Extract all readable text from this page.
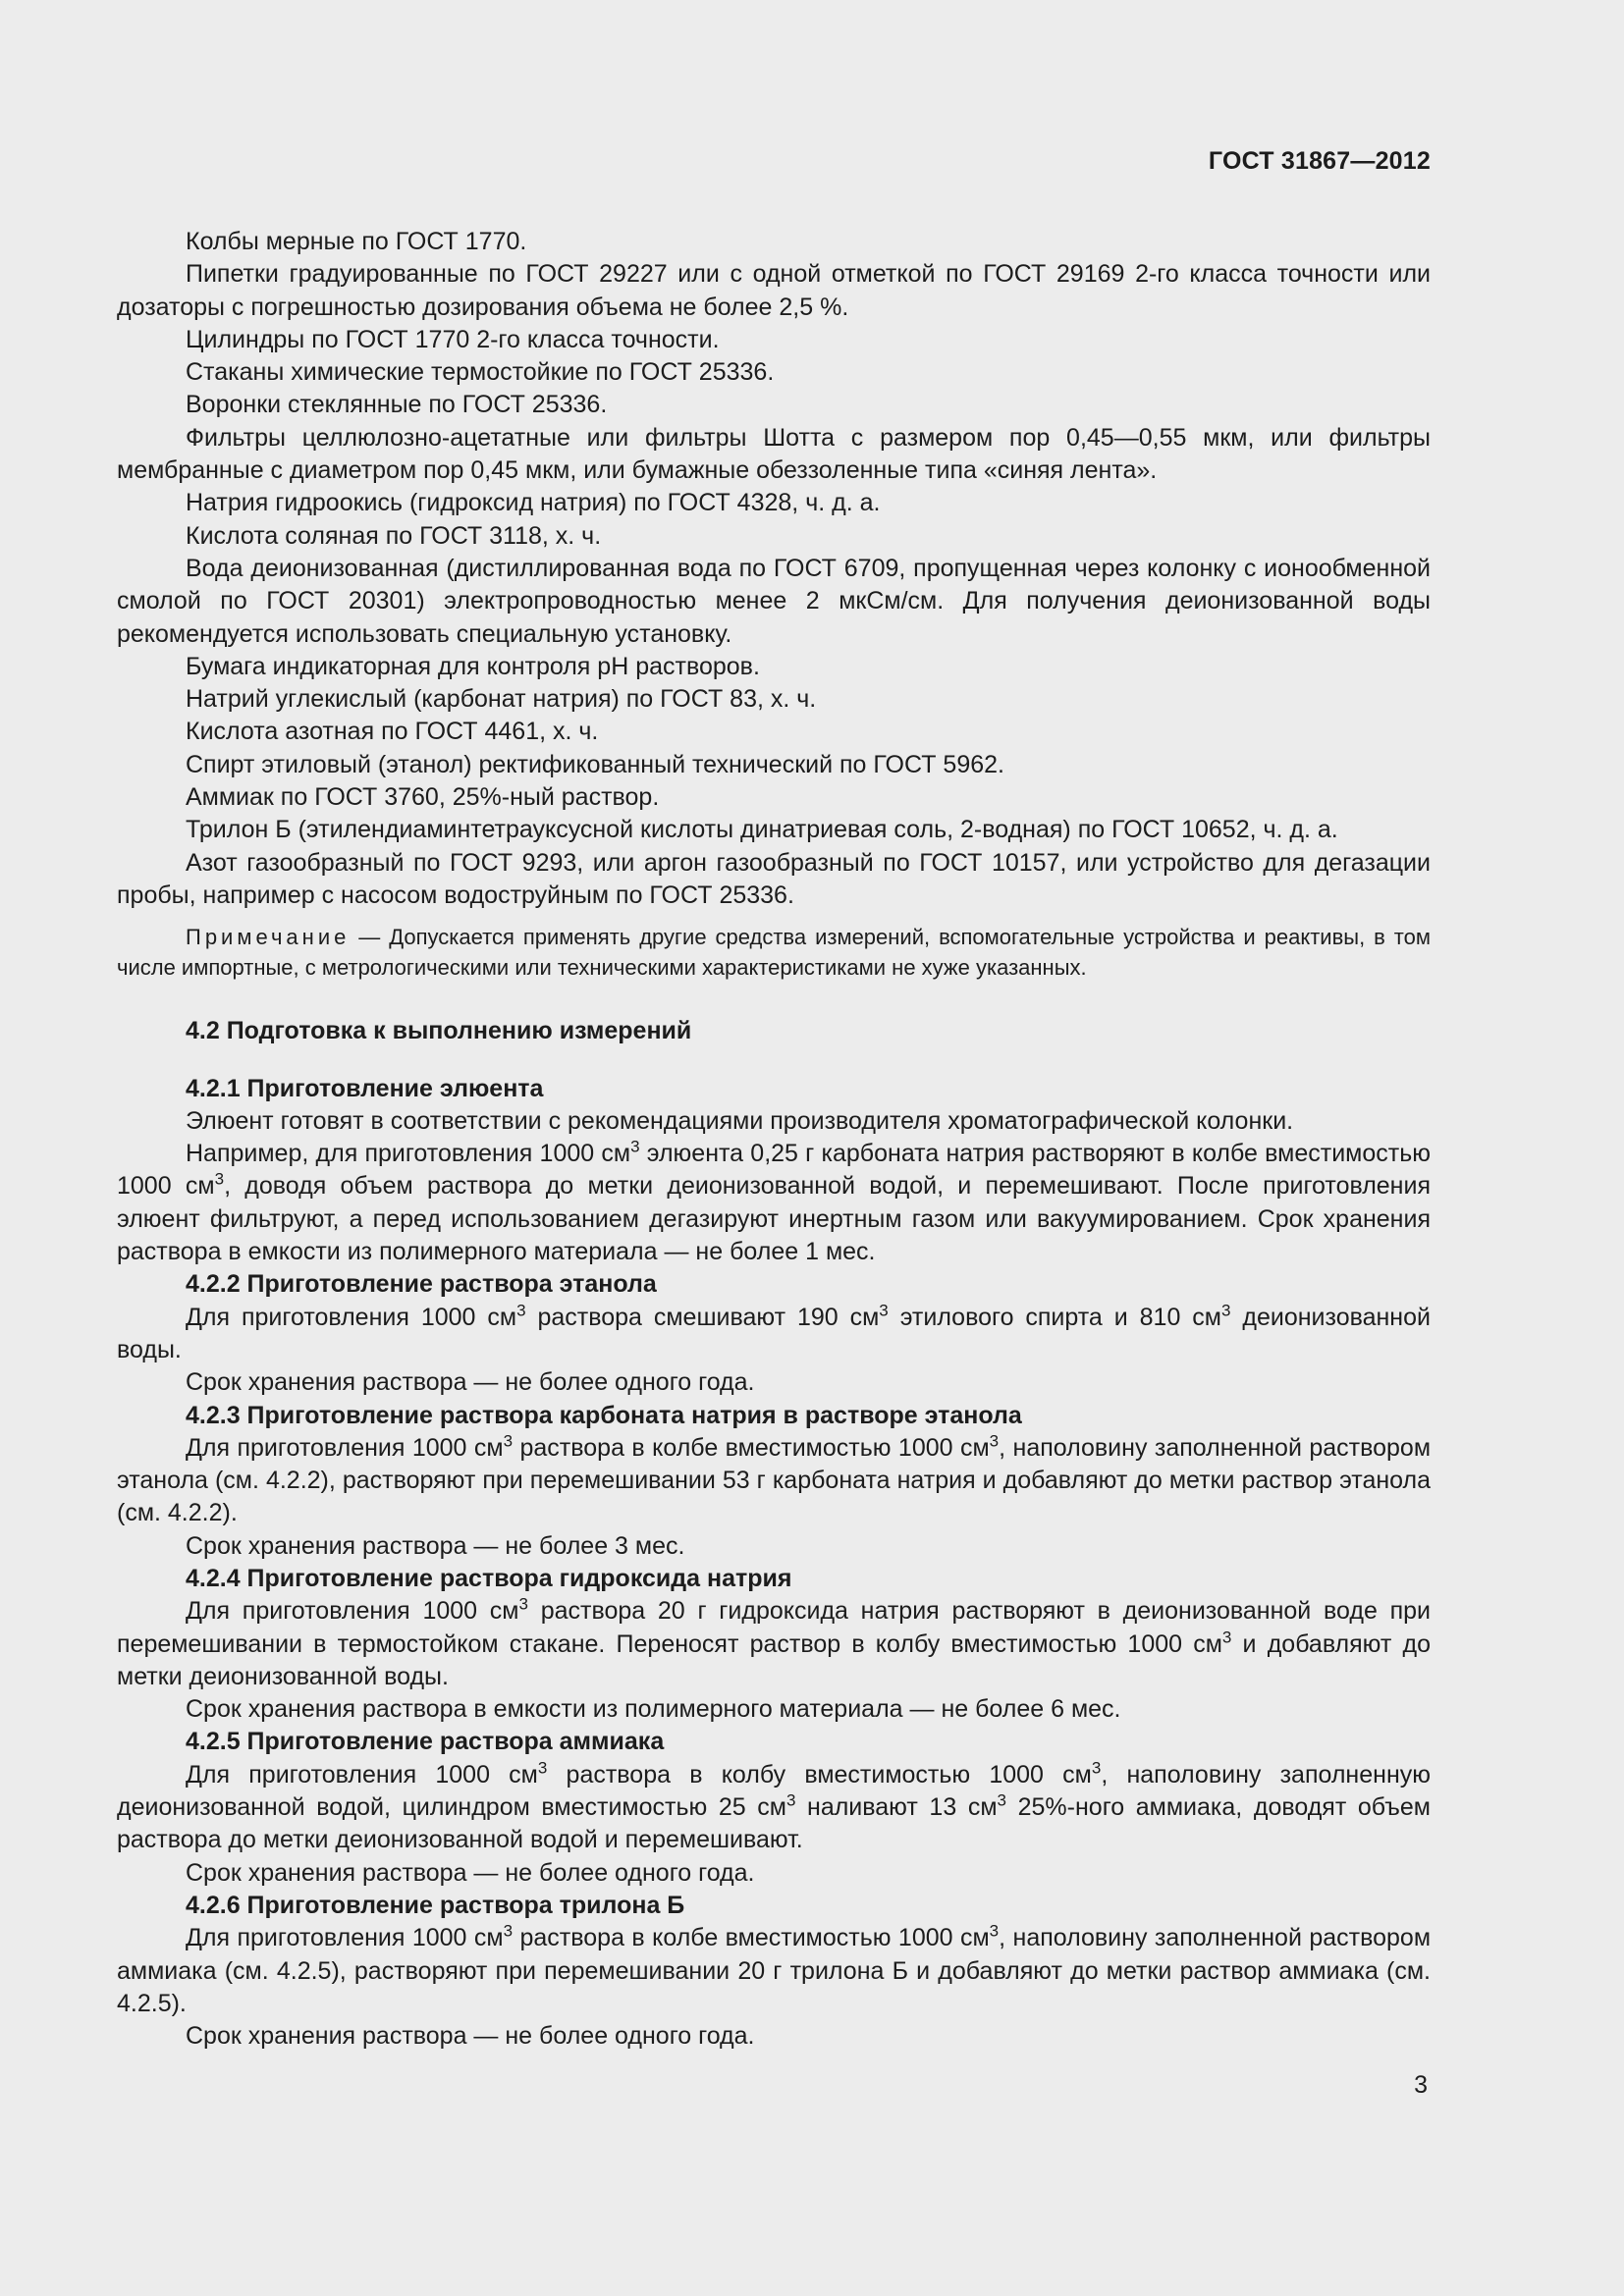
ГОСТ 31867—2012

Колбы мерные по ГОСТ 1770.

Пипетки градуированные по ГОСТ 29227 или с одной отметкой по ГОСТ 29169 2-го класса точности или дозаторы с погрешностью дозирования объема не более 2,5 %.

Цилиндры по ГОСТ 1770 2-го класса точности.

Стаканы химические термостойкие по ГОСТ 25336.

Воронки стеклянные по ГОСТ 25336.

Фильтры целлюлозно-ацетатные или фильтры Шотта с размером пор 0,45—0,55 мкм, или фильтры мембранные с диаметром пор 0,45 мкм, или бумажные обеззоленные типа «синяя лента».

Натрия гидроокись (гидроксид натрия) по ГОСТ 4328, ч. д. а.

Кислота соляная по ГОСТ 3118, х. ч.

Вода деионизованная (дистиллированная вода по ГОСТ 6709, пропущенная через колонку с ионообменной смолой по ГОСТ 20301) электропроводностью менее 2 мкСм/см. Для получения деионизованной воды рекомендуется использовать специальную установку.

Бумага индикаторная для контроля pH растворов.

Натрий углекислый (карбонат натрия) по ГОСТ 83, х. ч.

Кислота азотная по ГОСТ 4461, х. ч.

Спирт этиловый (этанол) ректификованный технический по ГОСТ 5962.

Аммиак по ГОСТ 3760, 25%-ный раствор.

Трилон Б (этилендиаминтетрауксусной кислоты динатриевая соль, 2-водная) по ГОСТ 10652, ч. д. а.

Азот газообразный по ГОСТ 9293, или аргон газообразный по ГОСТ 10157, или устройство для дегазации пробы, например с насосом водоструйным по ГОСТ 25336.

Примечание — Допускается применять другие средства измерений, вспомогательные устройства и реактивы, в том числе импортные, с метрологическими или техническими характеристиками не хуже указанных.

4.2 Подготовка к выполнению измерений

4.2.1 Приготовление элюента

Элюент готовят в соответствии с рекомендациями производителя хроматографической колонки.

Например, для приготовления 1000 $см^3$ элюента 0,25 г карбоната натрия растворяют в колбе вместимостью 1000 $см^3$, доводя объем раствора до метки деионизованной водой, и перемешивают. После приготовления элюент фильтруют, а перед использованием дегазируют инертным газом или вакуумированием. Срок хранения раствора в емкости из полимерного материала — не более 1 мес.

4.2.2 Приготовление раствора этанола

Для приготовления 1000 $см^3$ раствора смешивают 190 $см^3$ этилового спирта и 810 $см^3$ деионизованной воды.

Срок хранения раствора — не более одного года.

4.2.3 Приготовление раствора карбоната натрия в растворе этанола

Для приготовления 1000 $см^3$ раствора в колбе вместимостью 1000 $см^3$, наполовину заполненной раствором этанола (см. 4.2.2), растворяют при перемешивании 53 г карбоната натрия и добавляют до метки раствор этанола (см. 4.2.2).

Срок хранения раствора — не более 3 мес.

4.2.4 Приготовление раствора гидроксида натрия

Для приготовления 1000 $см^3$ раствора 20 г гидроксида натрия растворяют в деионизованной воде при перемешивании в термостойком стакане. Переносят раствор в колбу вместимостью 1000 $см^3$ и добавляют до метки деионизованной воды.

Срок хранения раствора в емкости из полимерного материала — не более 6 мес.

4.2.5 Приготовление раствора аммиака

Для приготовления 1000 $см^3$ раствора в колбу вместимостью 1000 $см^3$, наполовину заполненную деионизованной водой, цилиндром вместимостью 25 $см^3$ наливают 13 $см^3$ 25%-ного аммиака, доводят объем раствора до метки деионизованной водой и перемешивают.

Срок хранения раствора — не более одного года.

4.2.6 Приготовление раствора трилона Б

Для приготовления 1000 $см^3$ раствора в колбе вместимостью 1000 $см^3$, наполовину заполненной раствором аммиака (см. 4.2.5), растворяют при перемешивании 20 г трилона Б и добавляют до метки раствор аммиака (см. 4.2.5).

Срок хранения раствора — не более одного года.

3
